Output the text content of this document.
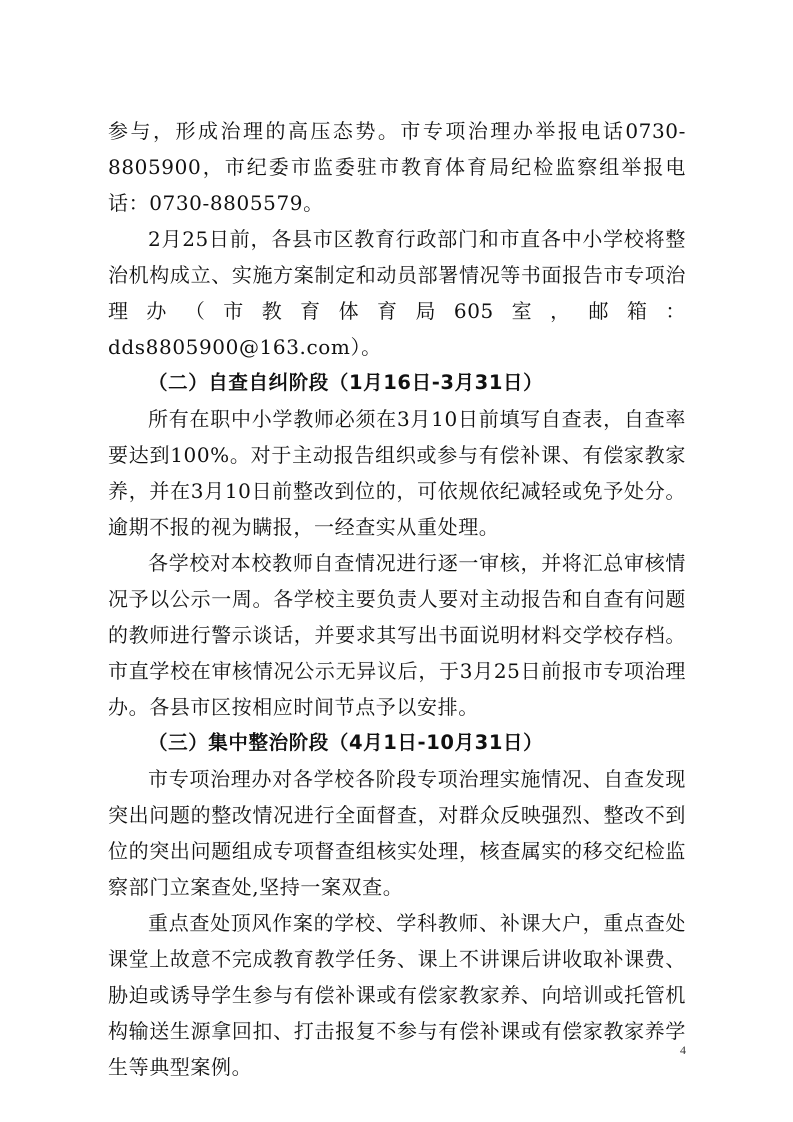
参与，形成治理的高压态势。市专项治理办举报电话0730-8805900，市纪委市监委驻市教育体育局纪检监察组举报电话：0730-8805579。

2月25日前，各县市区教育行政部门和市直各中小学校将整治机构成立、实施方案制定和动员部署情况等书面报告市专项治理办（市教育体育局605室，邮箱：dds8805900@163.com）。

（二）自查自纠阶段（1月16日-3月31日）

所有在职中小学教师必须在3月10日前填写自查表，自查率要达到100%。对于主动报告组织或参与有偿补课、有偿家教家养，并在3月10日前整改到位的，可依规依纪减轻或免予处分。逾期不报的视为瞒报，一经查实从重处理。

各学校对本校教师自查情况进行逐一审核，并将汇总审核情况予以公示一周。各学校主要负责人要对主动报告和自查有问题的教师进行警示谈话，并要求其写出书面说明材料交学校存档。市直学校在审核情况公示无异议后，于3月25日前报市专项治理办。各县市区按相应时间节点予以安排。

（三）集中整治阶段（4月1日-10月31日）

市专项治理办对各学校各阶段专项治理实施情况、自查发现突出问题的整改情况进行全面督查，对群众反映强烈、整改不到位的突出问题组成专项督查组核实处理，核查属实的移交纪检监察部门立案查处,坚持一案双查。

重点查处顶风作案的学校、学科教师、补课大户，重点查处课堂上故意不完成教育教学任务、课上不讲课后讲收取补课费、胁迫或诱导学生参与有偿补课或有偿家教家养、向培训或托管机构输送生源拿回扣、打击报复不参与有偿补课或有偿家教家养学生等典型案例。

4
